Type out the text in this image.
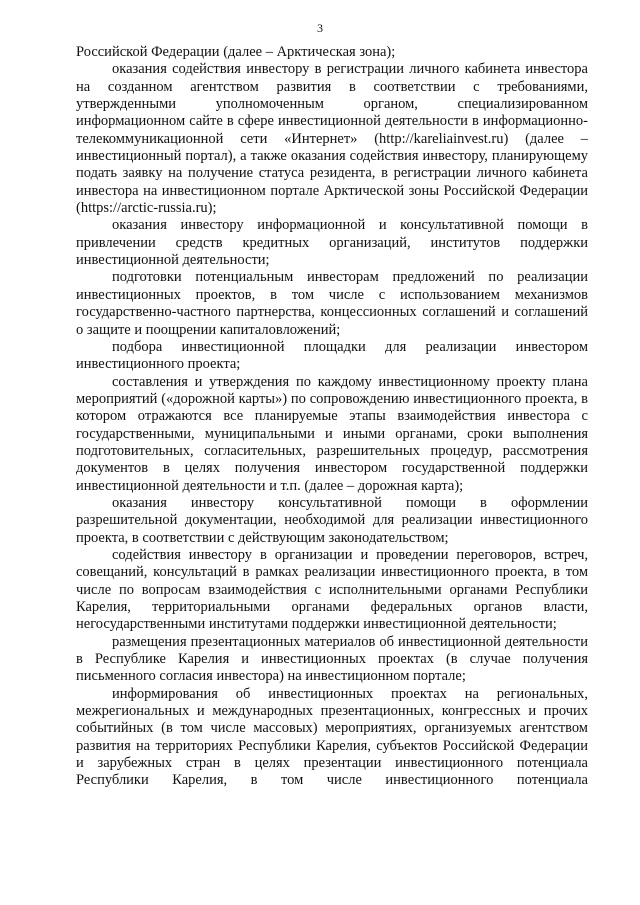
3

Российской Федерации (далее – Арктическая зона);

оказания содействия инвестору в регистрации личного кабинета инвестора на созданном агентством развития в соответствии с требованиями, утвержденными уполномоченным органом, специализированном информационном сайте в сфере инвестиционной деятельности в информационно-телекоммуникационной сети «Интернет» (http://kareliainvest.ru) (далее – инвестиционный портал), а также оказания содействия инвестору, планирующему подать заявку на получение статуса резидента, в регистрации личного кабинета инвестора на инвестиционном портале Арктической зоны Российской Федерации (https://arctic-russia.ru);

оказания инвестору информационной и консультативной помощи в привлечении средств кредитных организаций, институтов поддержки инвестиционной деятельности;

подготовки потенциальным инвесторам предложений по реализации инвестиционных проектов, в том числе с использованием механизмов государственно-частного партнерства, концессионных соглашений и соглашений о защите и поощрении капиталовложений;

подбора инвестиционной площадки для реализации инвестором инвестиционного проекта;

составления и утверждения по каждому инвестиционному проекту плана мероприятий («дорожной карты») по сопровождению инвестиционного проекта, в котором отражаются все планируемые этапы взаимодействия инвестора с государственными, муниципальными и иными органами, сроки выполнения подготовительных, согласительных, разрешительных процедур, рассмотрения документов в целях получения инвестором государственной поддержки инвестиционной деятельности и т.п. (далее – дорожная карта);

оказания инвестору консультативной помощи в оформлении разрешительной документации, необходимой для реализации инвестиционного проекта, в соответствии с действующим законодательством;

содействия инвестору в организации и проведении переговоров, встреч, совещаний, консультаций в рамках реализации инвестиционного проекта, в том числе по вопросам взаимодействия с исполнительными органами Республики Карелия, территориальными органами федеральных органов власти, негосударственными институтами поддержки инвестиционной деятельности;

размещения презентационных материалов об инвестиционной деятельности в Республике Карелия и инвестиционных проектах (в случае получения письменного согласия инвестора) на инвестиционном портале;

информирования об инвестиционных проектах на региональных, межрегиональных и международных презентационных, конгрессных и прочих событийных (в том числе массовых) мероприятиях, организуемых агентством развития на территориях Республики Карелия, субъектов Российской Федерации и зарубежных стран в целях презентации инвестиционного потенциала Республики Карелия, в том числе инвестиционного потенциала
